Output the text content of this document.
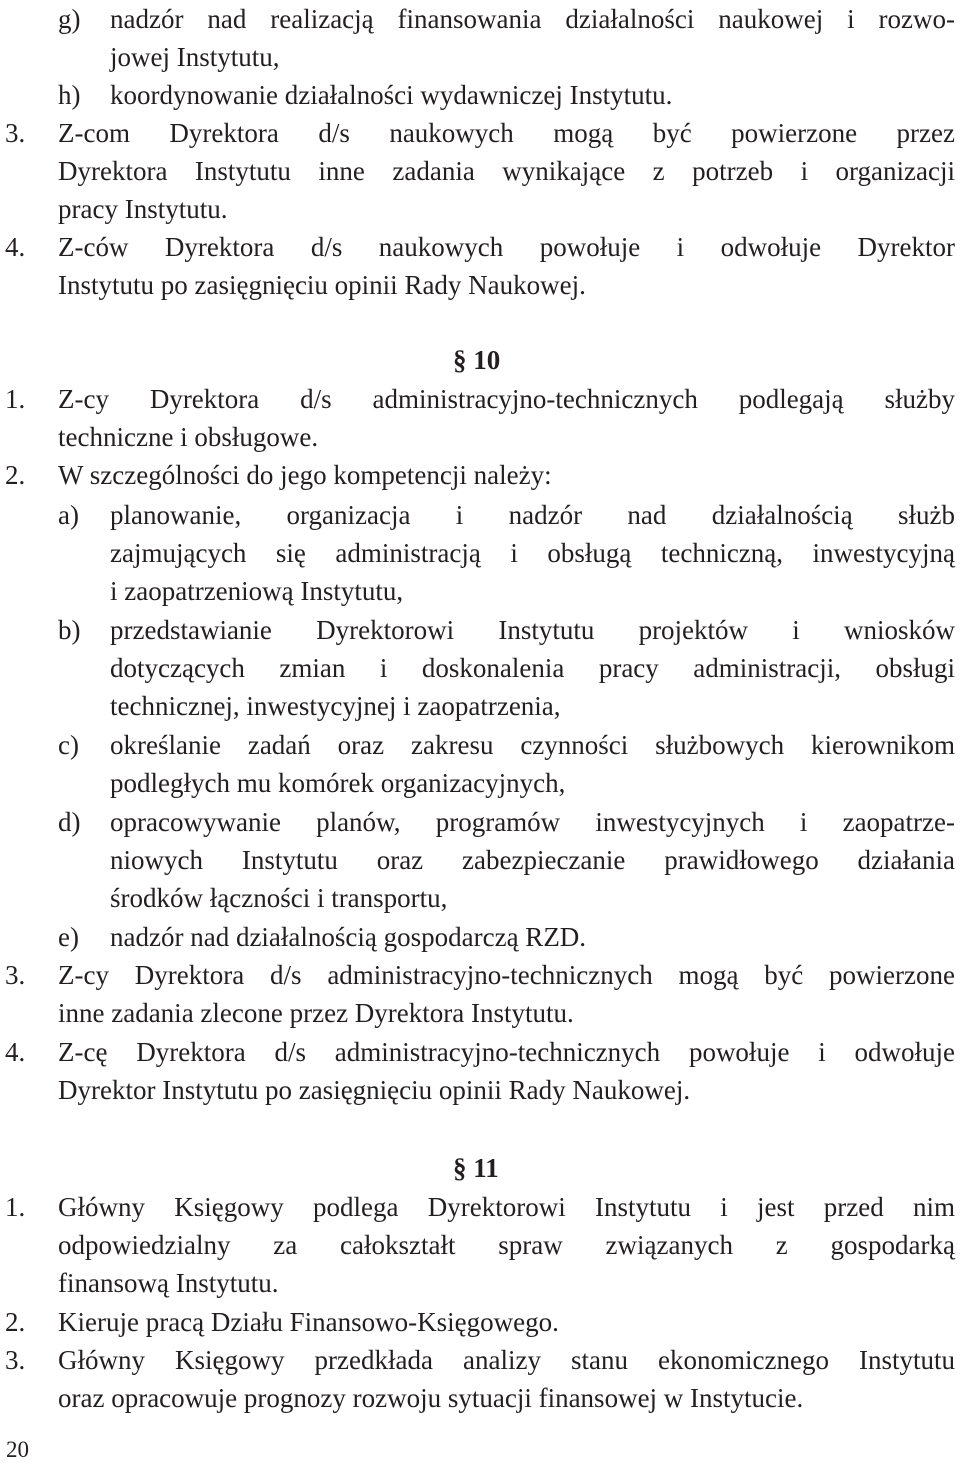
g) nadzór nad realizacją finansowania działalności naukowej i rozwo-
jowej Instytutu,
h) koordynowanie działalności wydawniczej Instytutu.
3. Z-com Dyrektora d/s naukowych mogą być powierzone przez
Dyrektora Instytutu inne zadania wynikające z potrzeb i organizacji
pracy Instytutu.
4. Z-ców Dyrektora d/s naukowych powołuje i odwołuje Dyrektor
Instytutu po zasięgnięciu opinii Rady Naukowej.
§ 10
1. Z-cy Dyrektora d/s administracyjno-technicznych podlegają służby
techniczne i obsługowe.
2. W szczególności do jego kompetencji należy:
a) planowanie, organizacja i nadzór nad działalnością służb
zajmujących się administracją i obsługą techniczną, inwestycyjną
i zaopatrzeniową Instytutu,
b) przedstawianie Dyrektorowi Instytutu projektów i wniosków
dotyczących zmian i doskonalenia pracy administracji, obsługi
technicznej, inwestycyjnej i zaopatrzenia,
c) określanie zadań oraz zakresu czynności służbowych kierownikom
podległych mu komórek organizacyjnych,
d) opracowywanie planów, programów inwestycyjnych i zaopatrze-
niowych Instytutu oraz zabezpieczanie prawidłowego działania
środków łączności i transportu,
e) nadzór nad działalnością gospodarczą RZD.
3. Z-cy Dyrektora d/s administracyjno-technicznych mogą być powierzone
inne zadania zlecone przez Dyrektora Instytutu.
4. Z-cę Dyrektora d/s administracyjno-technicznych powołuje i odwołuje
Dyrektor Instytutu po zasięgnięciu opinii Rady Naukowej.
§ 11
1. Główny Księgowy podlega Dyrektorowi Instytutu i jest przed nim
odpowiedzialny za całokształt spraw związanych z gospodarką
finansową Instytutu.
2. Kieruje pracą Działu Finansowo-Księgowego.
3. Główny Księgowy przedkłada analizy stanu ekonomicznego Instytutu
oraz opracowuje prognozy rozwoju sytuacji finansowej w Instytucie.
20
